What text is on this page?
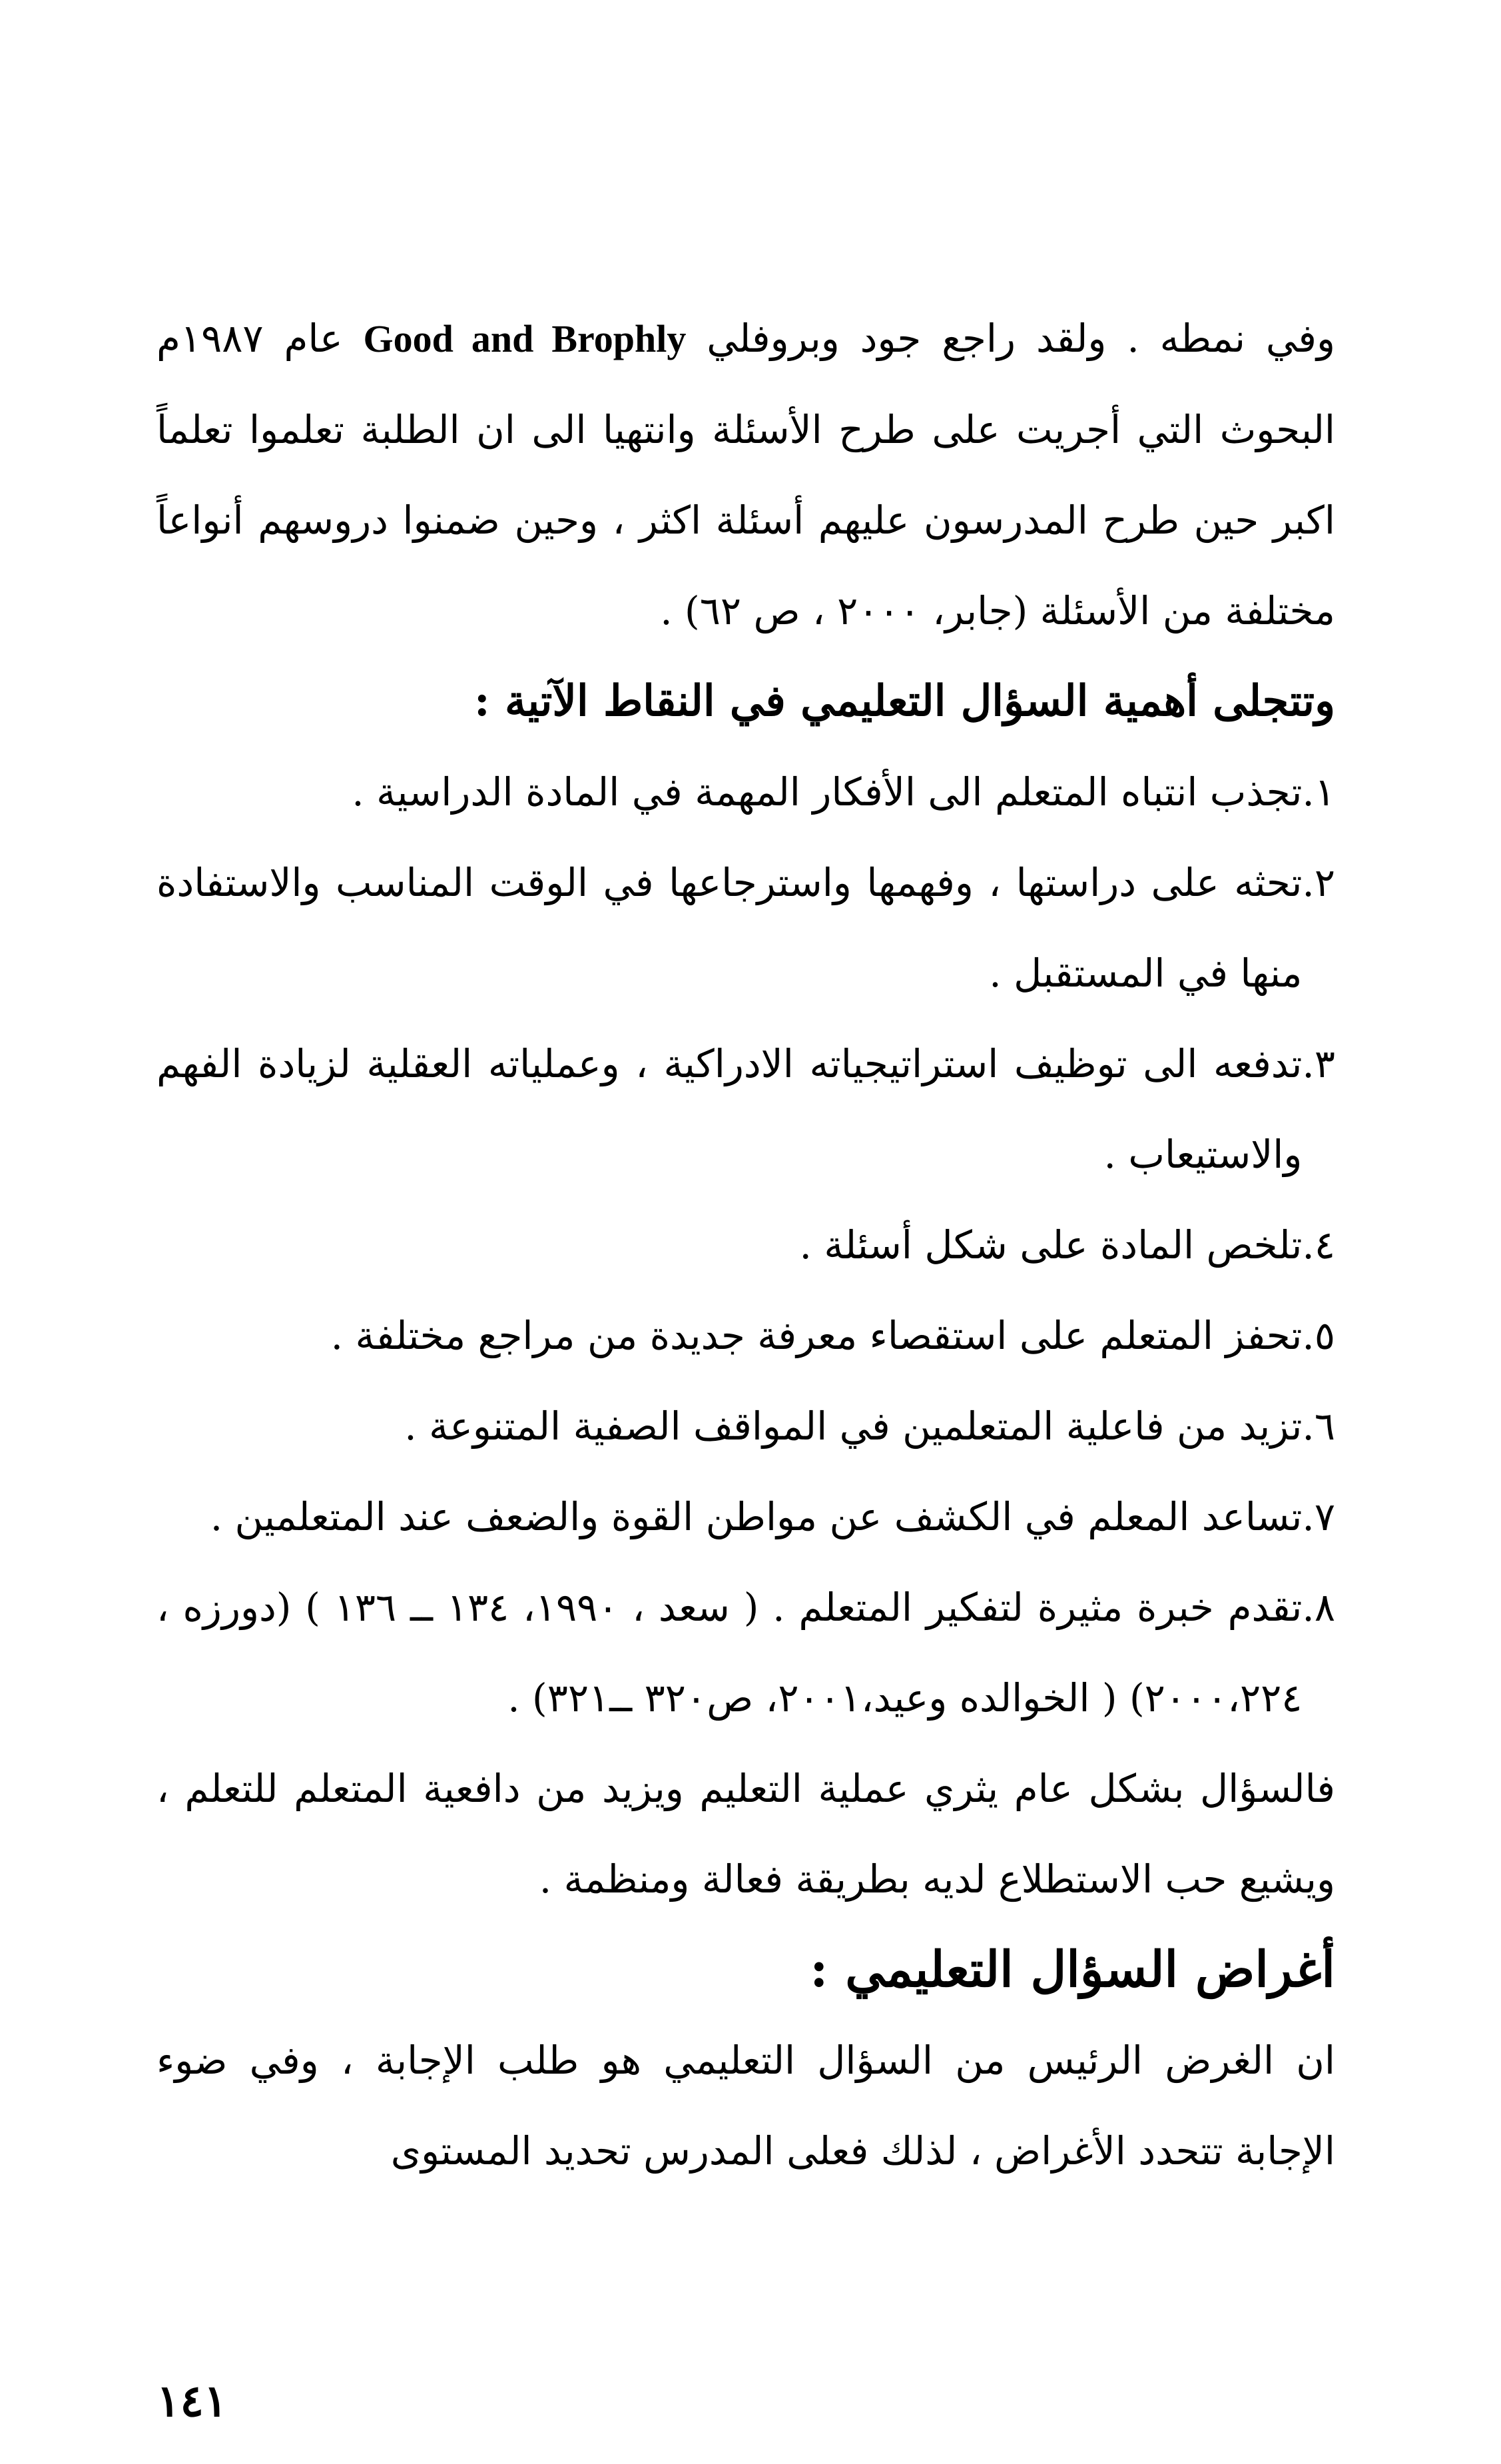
وفي نمطه . ولقد راجع جود وبروفلي Good and Brophly عام ١٩٨٧م البحوث التي أجريت على طرح الأسئلة وانتهيا الى ان الطلبة تعلموا تعلماً اكبر حين طرح المدرسون عليهم أسئلة اكثر ، وحين ضمنوا دروسهم أنواعاً مختلفة من الأسئلة (جابر، ٢٠٠٠ ، ص ٦٢) .

وتتجلى أهمية السؤال التعليمي في النقاط الآتية :

١.
تجذب انتباه المتعلم الى الأفكار المهمة في المادة الدراسية .
٢.
تحثه على دراستها ، وفهمها واسترجاعها في الوقت المناسب والاستفادة منها في المستقبل .
٣.
تدفعه الى توظيف استراتيجياته الادراكية ، وعملياته العقلية لزيادة الفهم والاستيعاب .
٤.
تلخص المادة على شكل أسئلة .
٥.
تحفز المتعلم على استقصاء معرفة جديدة من مراجع مختلفة .
٦.
تزيد من فاعلية المتعلمين في المواقف الصفية المتنوعة .
٧.
تساعد المعلم في الكشف عن مواطن القوة والضعف عند المتعلمين .
٨.
تقدم خبرة مثيرة لتفكير المتعلم . ( سعد ، ١٩٩٠، ١٣٤ ــ ١٣٦ ) (دورزه ، ٢٠٠٠،٢٢٤) ( الخوالده وعيد،٢٠٠١، ص٣٢٠ ــ٣٢١) .

فالسؤال بشكل عام يثري عملية التعليم ويزيد من دافعية المتعلم للتعلم ، ويشيع حب الاستطلاع لديه بطريقة فعالة ومنظمة .

أغراض السؤال التعليمي :

ان الغرض الرئيس من السؤال التعليمي هو طلب الإجابة ، وفي ضوء الإجابة تتحدد الأغراض ، لذلك فعلى المدرس تحديد المستوى

١٤١
